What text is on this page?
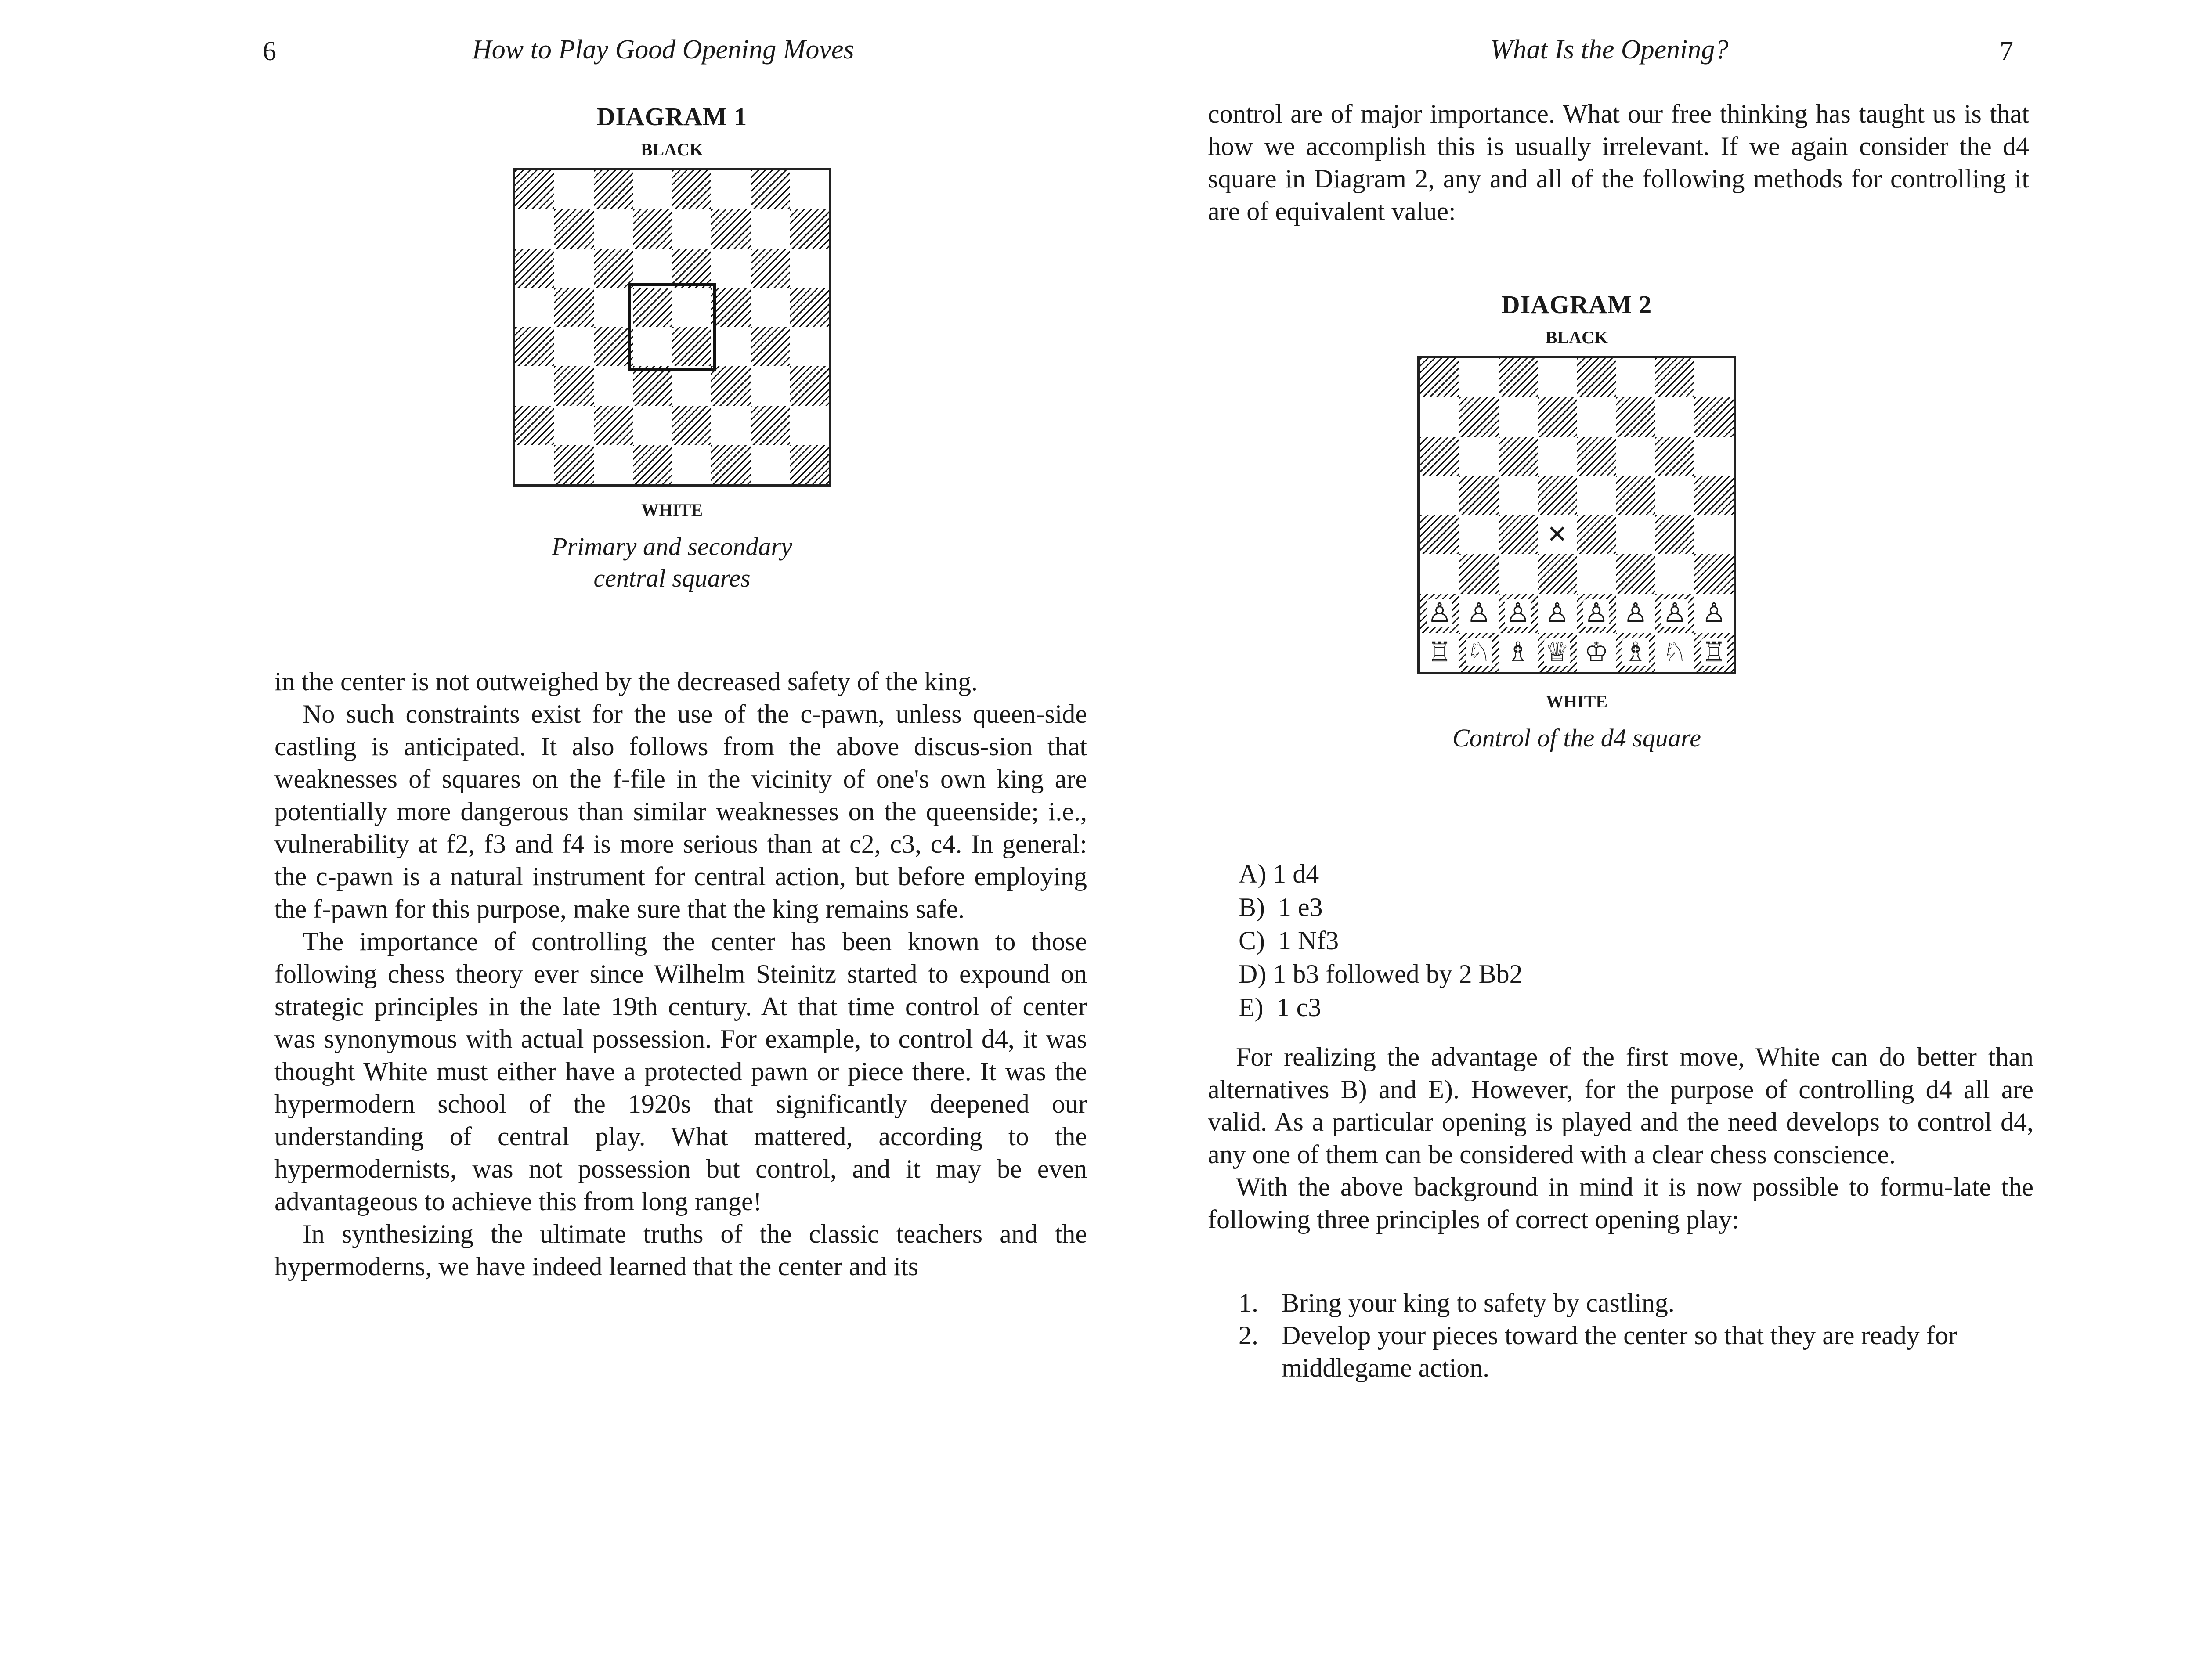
6	How to Play Good Opening Moves
DIAGRAM 1
BLACK
WHITE
Primary and secondary
central squares

in the center is not outweighed by the decreased safety of the king.

No such constraints exist for the use of the c-pawn, unless queen-side castling is anticipated. It also follows from the above discus-sion that weaknesses of squares on the f-file in the vicinity of one's own king are potentially more dangerous than similar weaknesses on the queenside; i.e., vulnerability at f2, f3 and f4 is more serious than at c2, c3, c4. In general: the c-pawn is a natural instrument for central action, but before employing the f-pawn for this purpose, make sure that the king remains safe.

The importance of controlling the center has been known to those following chess theory ever since Wilhelm Steinitz started to expound on strategic principles in the late 19th century. At that time control of center was synonymous with actual possession. For example, to control d4, it was thought White must either have a protected pawn or piece there. It was the hypermodern school of the 1920s that significantly deepened our understanding of central play. What mattered, according to the hypermodernists, was not possession but control, and it may be even advantageous to achieve this from long range!

In synthesizing the ultimate truths of the classic teachers and the hypermoderns, we have indeed learned that the center and its

What Is the Opening?	7

control are of major importance. What our free thinking has taught us is that how we accomplish this is usually irrelevant. If we again consider the d4 square in Diagram 2, any and all of the following methods for controlling it are of equivalent value:

DIAGRAM 2
BLACK
✕
♙ ♙ ♙ ♙ ♙ ♙ ♙ ♙
♖ ♘ ♗ ♕ ♔ ♗ ♘ ♖
WHITE
Control of the d4 square
A) 1 d4
B)  1 e3
C)  1 Nf3
D) 1 b3 followed by 2 Bb2
E)  1 c3

For realizing the advantage of the first move, White can do better than alternatives B) and E). However, for the purpose of controlling d4 all are valid. As a particular opening is played and the need develops to control d4, any one of them can be considered with a clear chess conscience.

With the above background in mind it is now possible to formu-late the following three principles of correct opening play:

1. Bring your king to safety by castling.
2. Develop your pieces toward the center so that they are ready for middlegame action.
